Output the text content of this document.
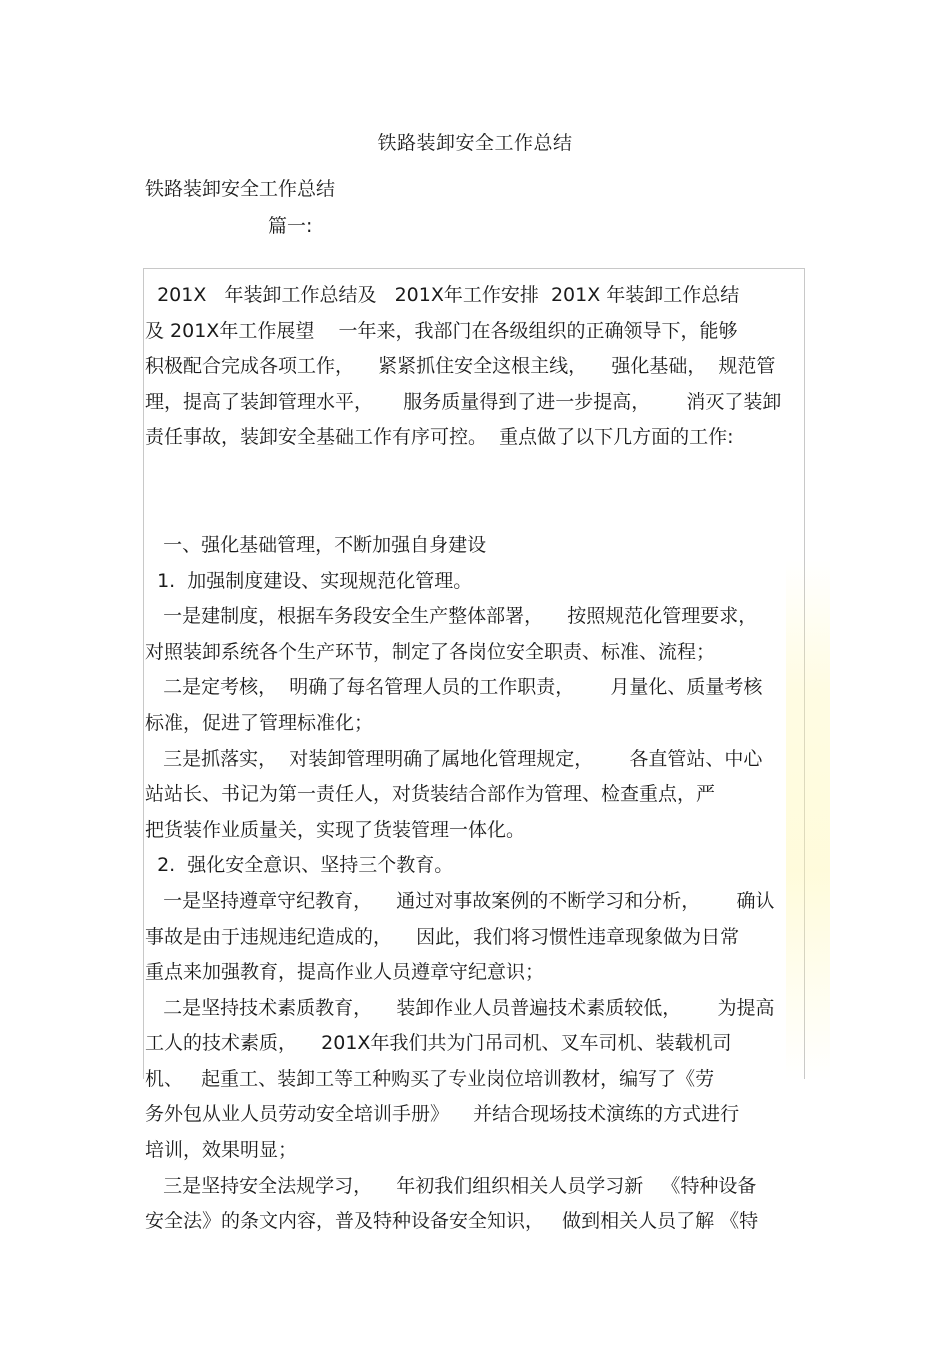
铁路装卸安全工作总结
铁路装卸安全工作总结
篇一:

201X   年装卸工作总结及   201X年工作安排  201X 年装卸工作总结

及 201X年工作展望    一年来，我部门在各级组织的正确领导下，能够

积极配合完成各项工作，    紧紧抓住安全这根主线，    强化基础，  规范管

理，提高了装卸管理水平，     服务质量得到了进一步提高，      消灭了装卸

责任事故，装卸安全基础工作有序可控。  重点做了以下几方面的工作:

一、强化基础管理，不断加强自身建设

1.  加强制度建设、实现规范化管理。

一是建制度，根据车务段安全生产整体部署，    按照规范化管理要求，

对照装卸系统各个生产环节，制定了各岗位安全职责、标准、流程；

二是定考核，  明确了每名管理人员的工作职责，      月量化、质量考核

标准，促进了管理标准化；

三是抓落实，  对装卸管理明确了属地化管理规定，      各直管站、中心

站站长、书记为第一责任人，对货装结合部作为管理、检查重点，严

把货装作业质量关，实现了货装管理一体化。

2.  强化安全意识、坚持三个教育。

一是坚持遵章守纪教育，    通过对事故案例的不断学习和分析，      确认

事故是由于违规违纪造成的，    因此，我们将习惯性违章现象做为日常

重点来加强教育，提高作业人员遵章守纪意识；

二是坚持技术素质教育，    装卸作业人员普遍技术素质较低，      为提高

工人的技术素质，    201X年我们共为门吊司机、叉车司机、装载机司

机、   起重工、装卸工等工种购买了专业岗位培训教材，编写了《劳

务外包从业人员劳动安全培训手册》    并结合现场技术演练的方式进行

培训，效果明显；

三是坚持安全法规学习，    年初我们组织相关人员学习新   《特种设备

安全法》的条文内容，普及特种设备安全知识，   做到相关人员了解 《特
